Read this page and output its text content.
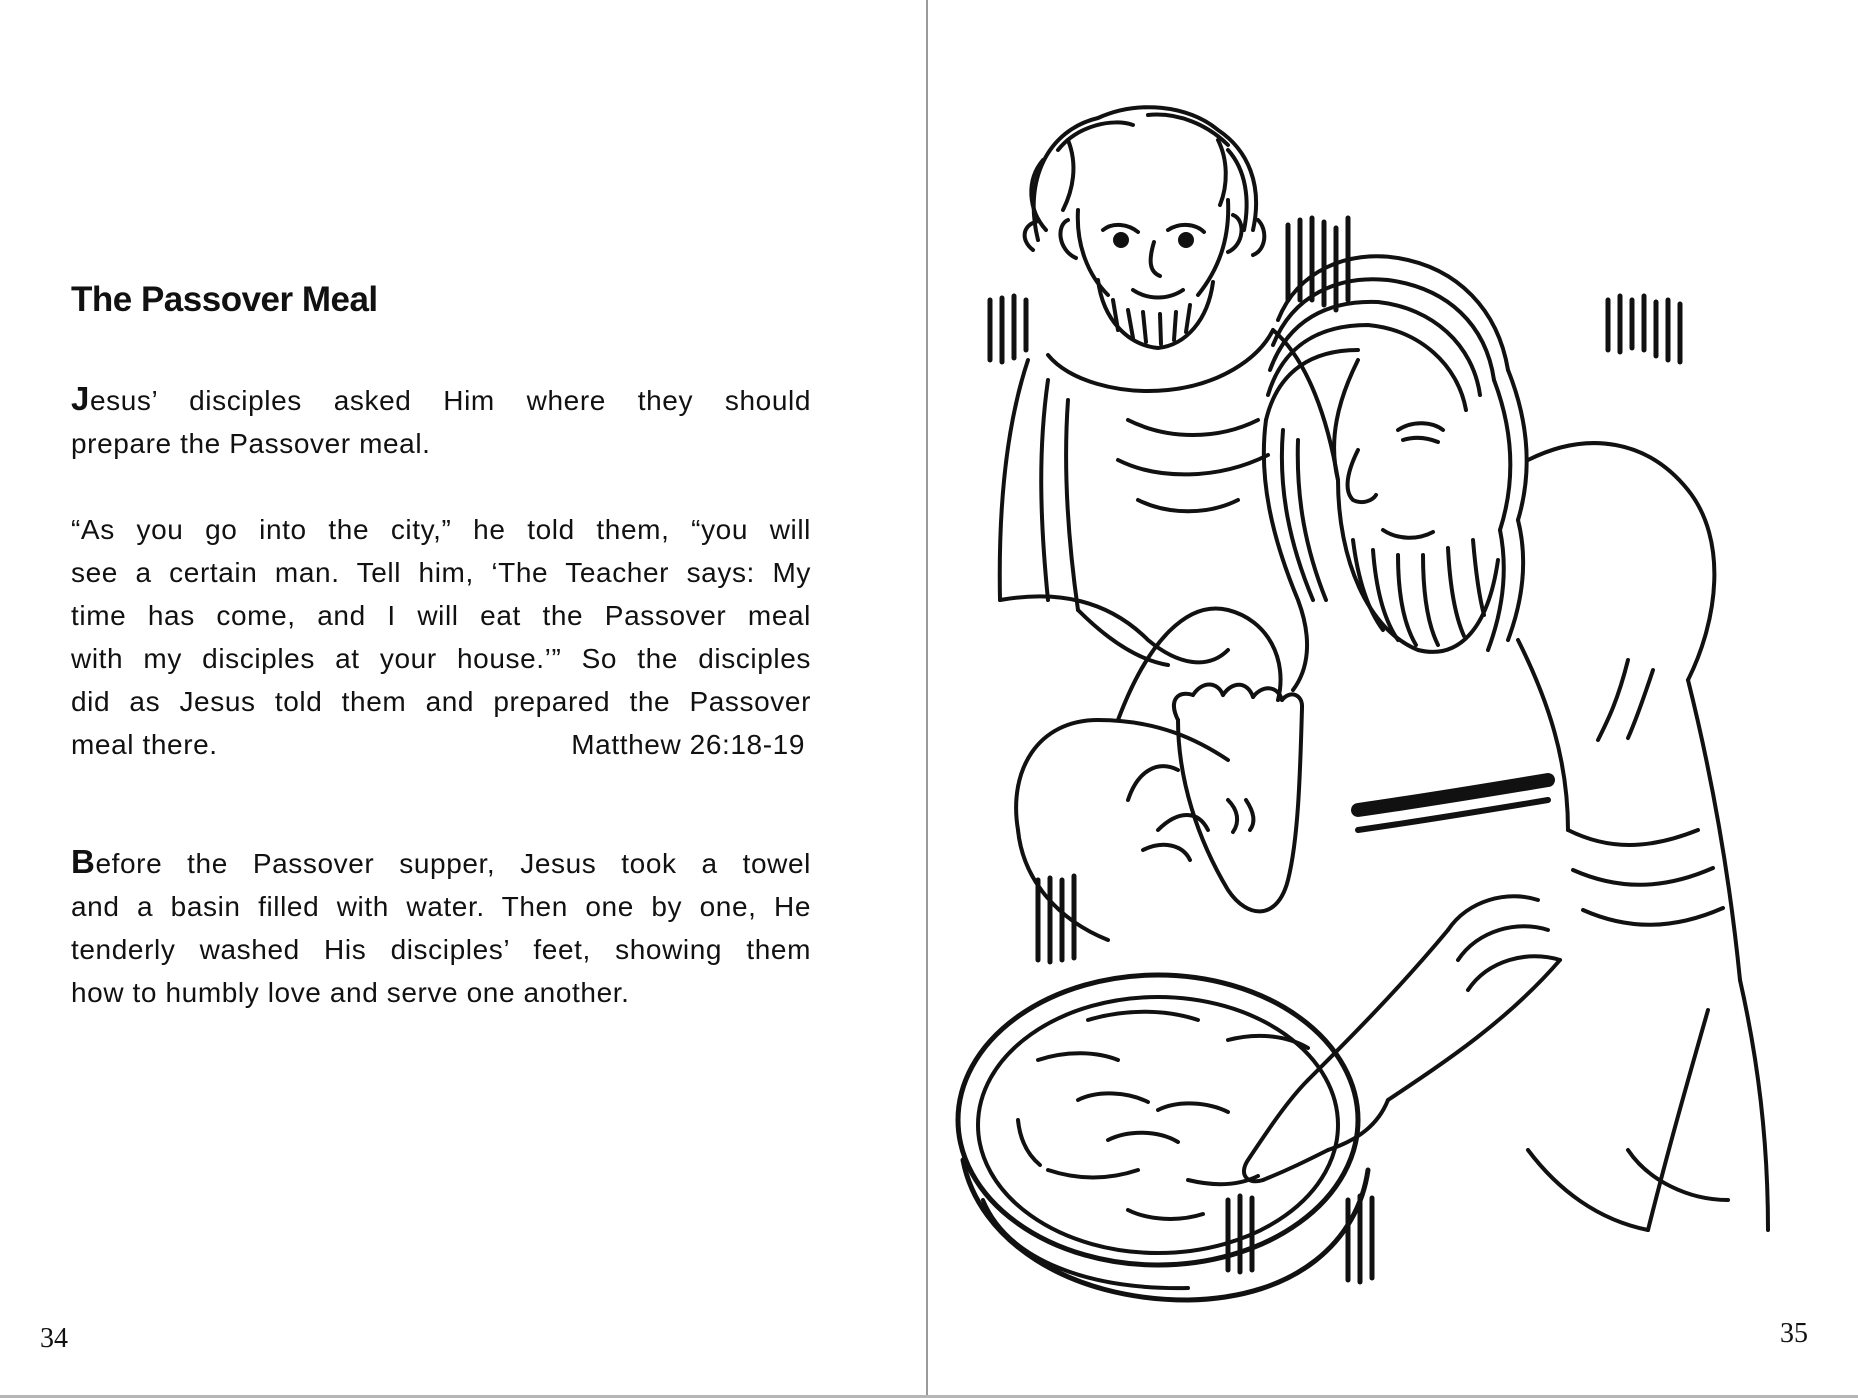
The Passover Meal
Jesus’ disciples asked Him where they should
prepare the Passover meal.
“As you go into the city,” he told them, “you will
see a certain man. Tell him, ‘The Teacher says: My
time has come, and I will eat the Passover meal
with my disciples at your house.’” So the disciples
did as Jesus told them and prepared the Passover
meal there.	Matthew 26:18-19
Before the Passover supper, Jesus took a towel
and a basin filled with water. Then one by one, He
tenderly washed His disciples’ feet, showing them
how to humbly love and serve one another.
34	35
